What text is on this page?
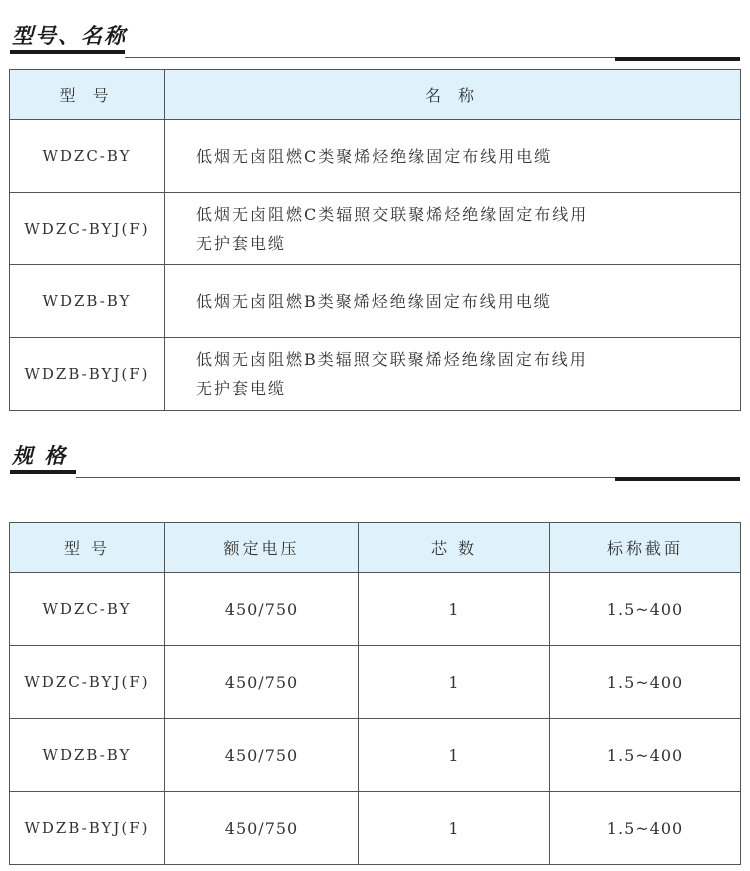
型号、名称
型 号	名 称
WDZC-BY	低烟无卤阻燃C类聚烯烃绝缘固定布线用电缆
WDZC-BYJ(F)	低烟无卤阻燃C类辐照交联聚烯烃绝缘固定布线用
无护套电缆
WDZB-BY	低烟无卤阻燃B类聚烯烃绝缘固定布线用电缆
WDZB-BYJ(F)	低烟无卤阻燃B类辐照交联聚烯烃绝缘固定布线用
无护套电缆
规 格
型 号	额定电压	芯 数	标称截面
WDZC-BY	450/750	1	1.5~400
WDZC-BYJ(F)	450/750	1	1.5~400
WDZB-BY	450/750	1	1.5~400
WDZB-BYJ(F)	450/750	1	1.5~400
